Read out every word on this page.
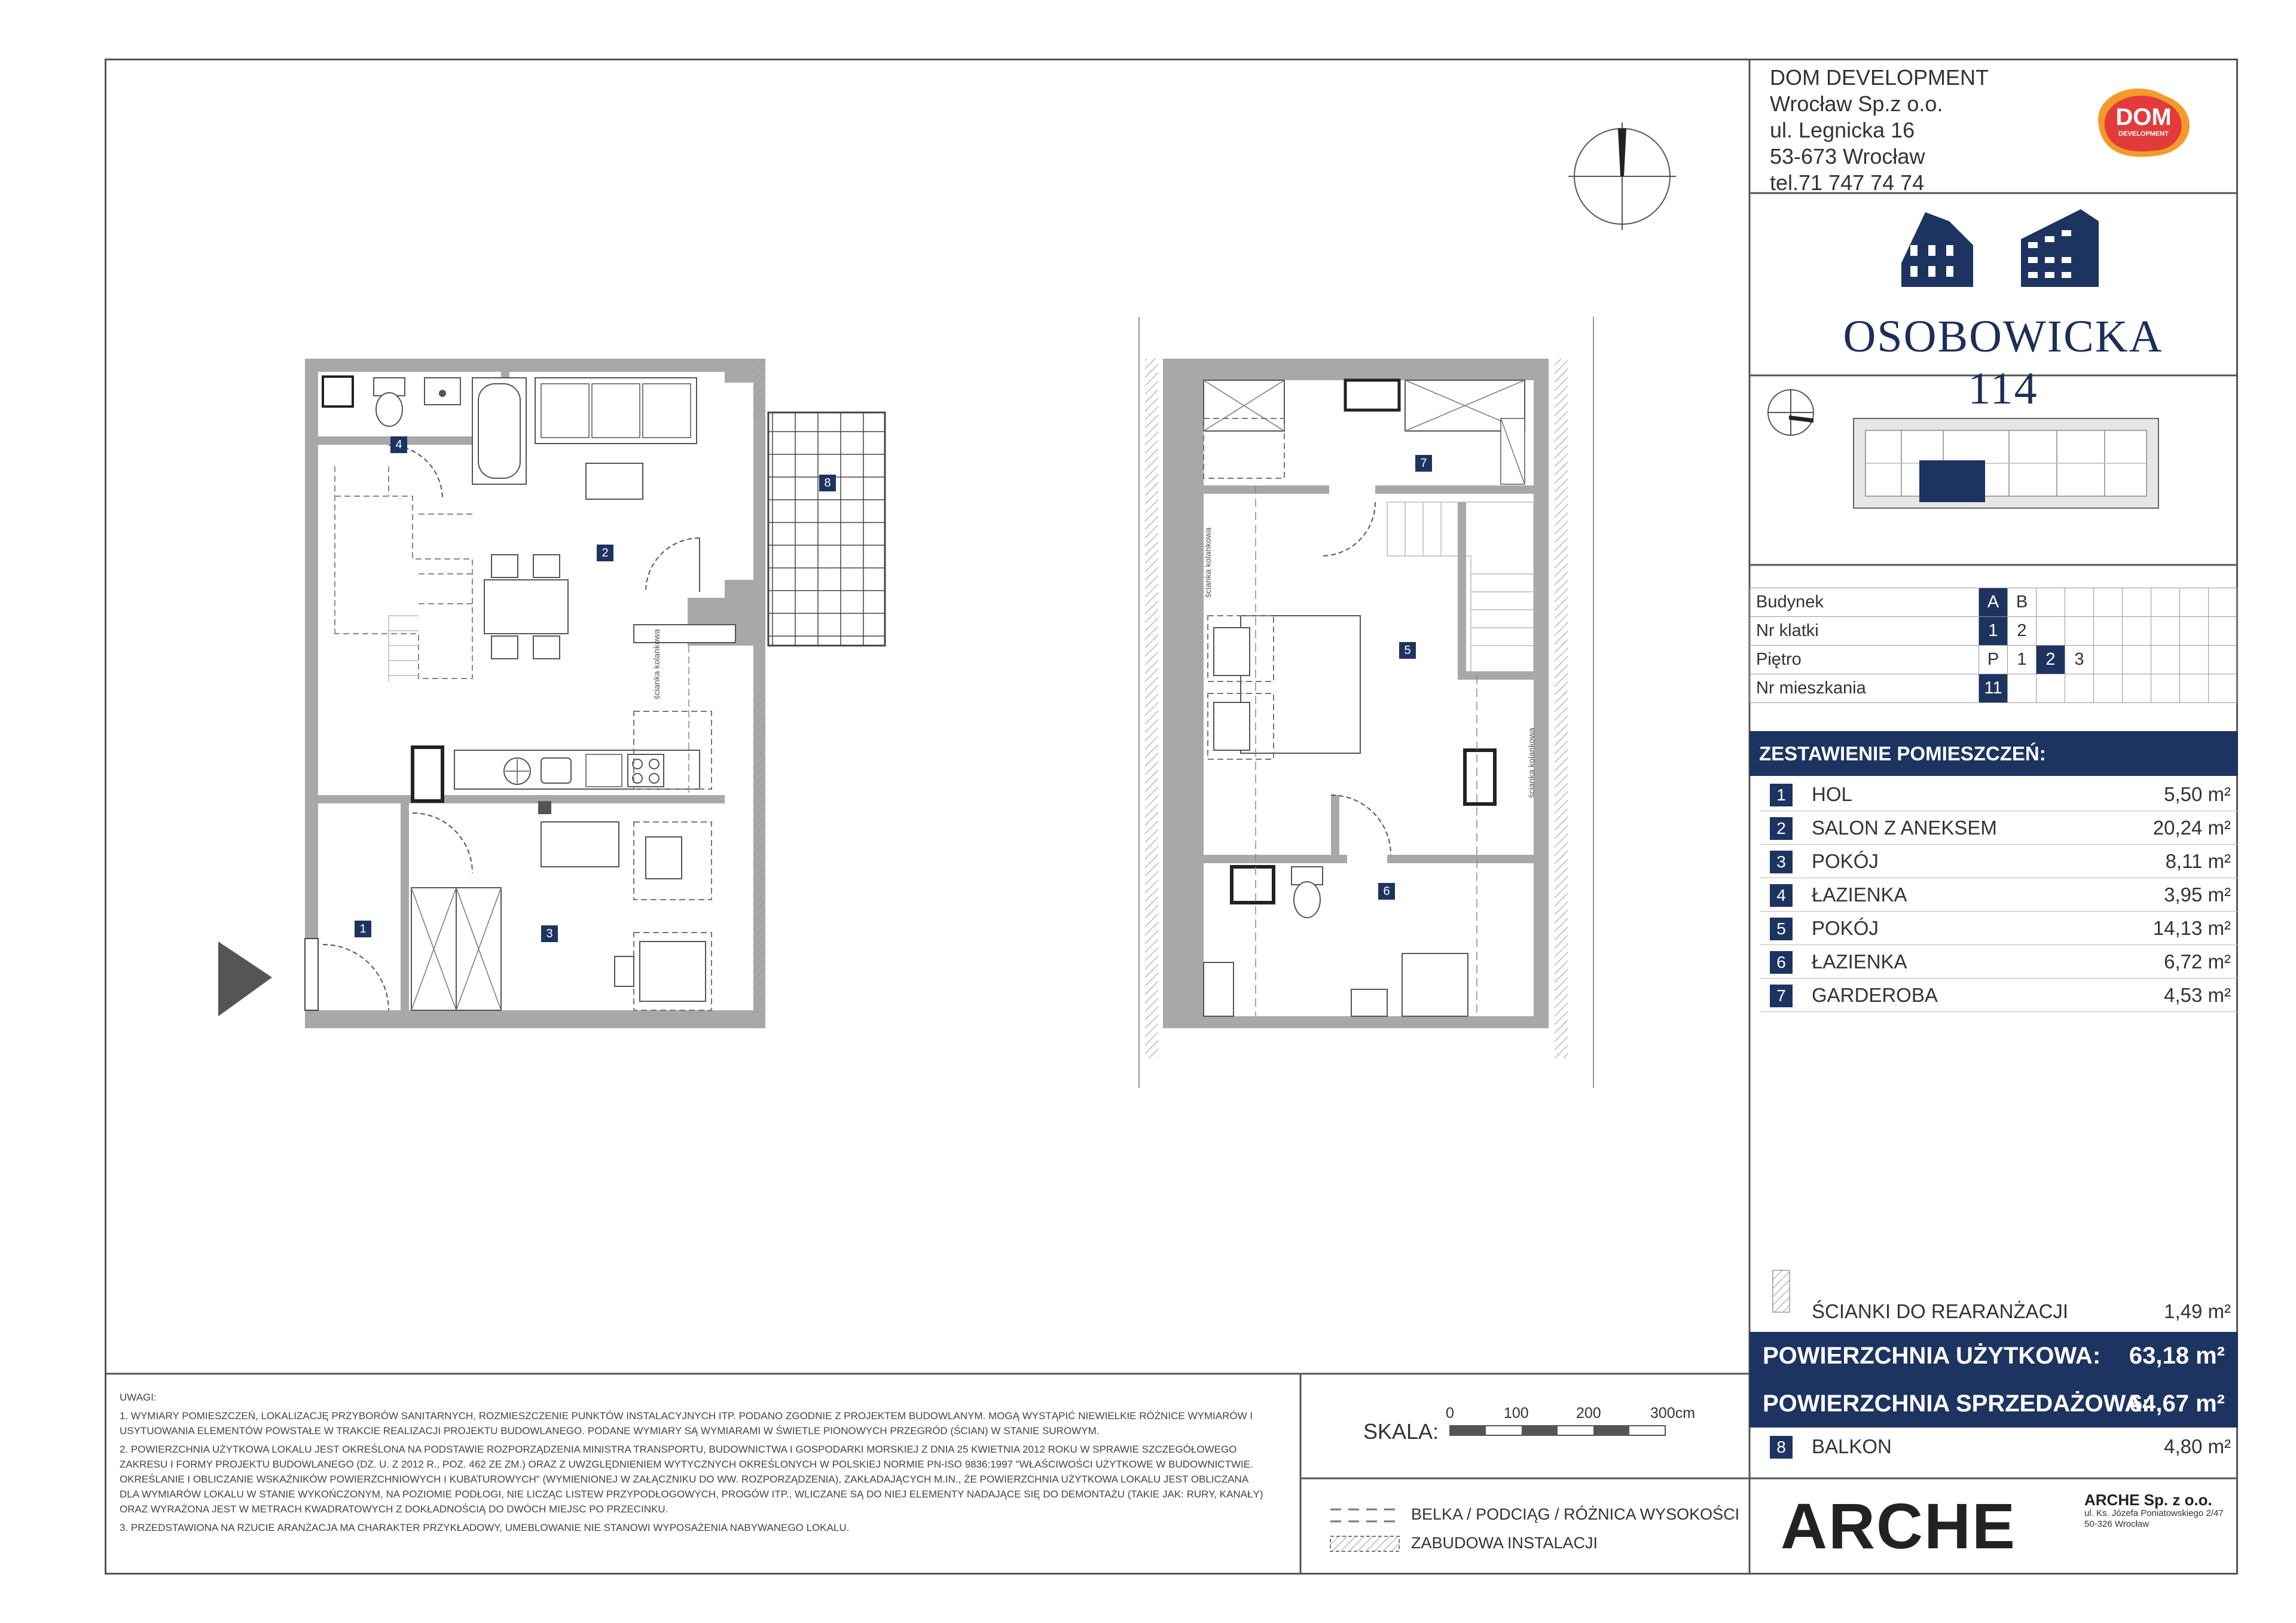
1
2
3
4
5
6
7
8
ścianka kolankowa
ścianka kolankowa
ścianka kolankowa
DOM DEVELOPMENT
Wrocław Sp.z o.o.
ul. Legnicka 16
53-673 Wrocław
tel.71 747 74 74
DOM
DEVELOPMENT
OSOBOWICKA 114
Budynek	A	B							
Nr klatki	1	2							
Piętro	P	1	2	3					
Nr mieszkania	11								
ZESTAWIENIE POMIESZCZEŃ:
1	HOL	5,50 m²
2	SALON Z ANEKSEM	20,24 m²
3	POKÓJ	8,11 m²
4	ŁAZIENKA	3,95 m²
5	POKÓJ	14,13 m²
6	ŁAZIENKA	6,72 m²
7	GARDEROBA	4,53 m²
ŚCIANKI DO REARANŻACJI	1,49 m²
POWIERZCHNIA UŻYTKOWA: 63,18 m²
POWIERZCHNIA SPRZEDAŻOWA:
64,67 m²
8	BALKON	4,80 m²

UWAGI:

1. WYMIARY POMIESZCZEŃ, LOKALIZACJĘ PRZYBORÓW SANITARNYCH, ROZMIESZCZENIE PUNKTÓW INSTALACYJNYCH ITP. PODANO ZGODNIE Z PROJEKTEM BUDOWLANYM. MOGĄ WYSTĄPIĆ NIEWIELKIE RÓŻNICE WYMIARÓW I USYTUOWANIA ELEMENTÓW POWSTAŁE W TRAKCIE REALIZACJI PROJEKTU BUDOWLANEGO. PODANE WYMIARY SĄ WYMIARAMI W ŚWIETLE PIONOWYCH PRZEGRÓD (ŚCIAN) W STANIE SUROWYM.

2. POWIERZCHNIA UŻYTKOWA LOKALU JEST OKREŚLONA NA PODSTAWIE ROZPORZĄDZENIA MINISTRA TRANSPORTU, BUDOWNICTWA I GOSPODARKI MORSKIEJ Z DNIA 25 KWIETNIA 2012 ROKU W SPRAWIE SZCZEGÓŁOWEGO ZAKRESU I FORMY PROJEKTU BUDOWLANEGO (DZ. U. Z 2012 R., POZ. 462 ZE ZM.) ORAZ Z UWZGLĘDNIENIEM WYTYCZNYCH OKREŚLONYCH W POLSKIEJ NORMIE PN-ISO 9836:1997 "WŁAŚCIWOŚCI UŻYTKOWE W BUDOWNICTWIE. OKREŚLANIE I OBLICZANIE WSKAŹNIKÓW POWIERZCHNIOWYCH I KUBATUROWYCH" (WYMIENIONEJ W ZAŁĄCZNIKU DO WW. ROZPORZĄDZENIA), ZAKŁADAJĄCYCH M.IN., ŻE POWIERZCHNIA UŻYTKOWA LOKALU JEST OBLICZANA DLA WYMIARÓW LOKALU W STANIE WYKOŃCZONYM, NA POZIOMIE PODŁOGI, NIE LICZĄC LISTEW PRZYPODŁOGOWYCH, PROGÓW ITP., WLICZANE SĄ DO NIEJ ELEMENTY NADAJĄCE SIĘ DO DEMONTAŻU (TAKIE JAK: RURY, KANAŁY) ORAZ WYRAŻONA JEST W METRACH KWADRATOWYCH Z DOKŁADNOŚCIĄ DO DWÓCH MIEJSC PO PRZECINKU.

3. PRZEDSTAWIONA NA RZUCIE ARANŻACJA MA CHARAKTER PRZYKŁADOWY, UMEBLOWANIE NIE STANOWI WYPOSAŻENIA NABYWANEGO LOKALU.

SKALA:
0	100	200	300cm
BELKA / PODCIĄG / RÓŻNICA WYSOKOŚCI
ZABUDOWA INSTALACJI	ARCHE	ARCHE Sp. z o.o.
ul. Ks. Józefa Poniatowskiego 2/47
50-326 Wrocław
